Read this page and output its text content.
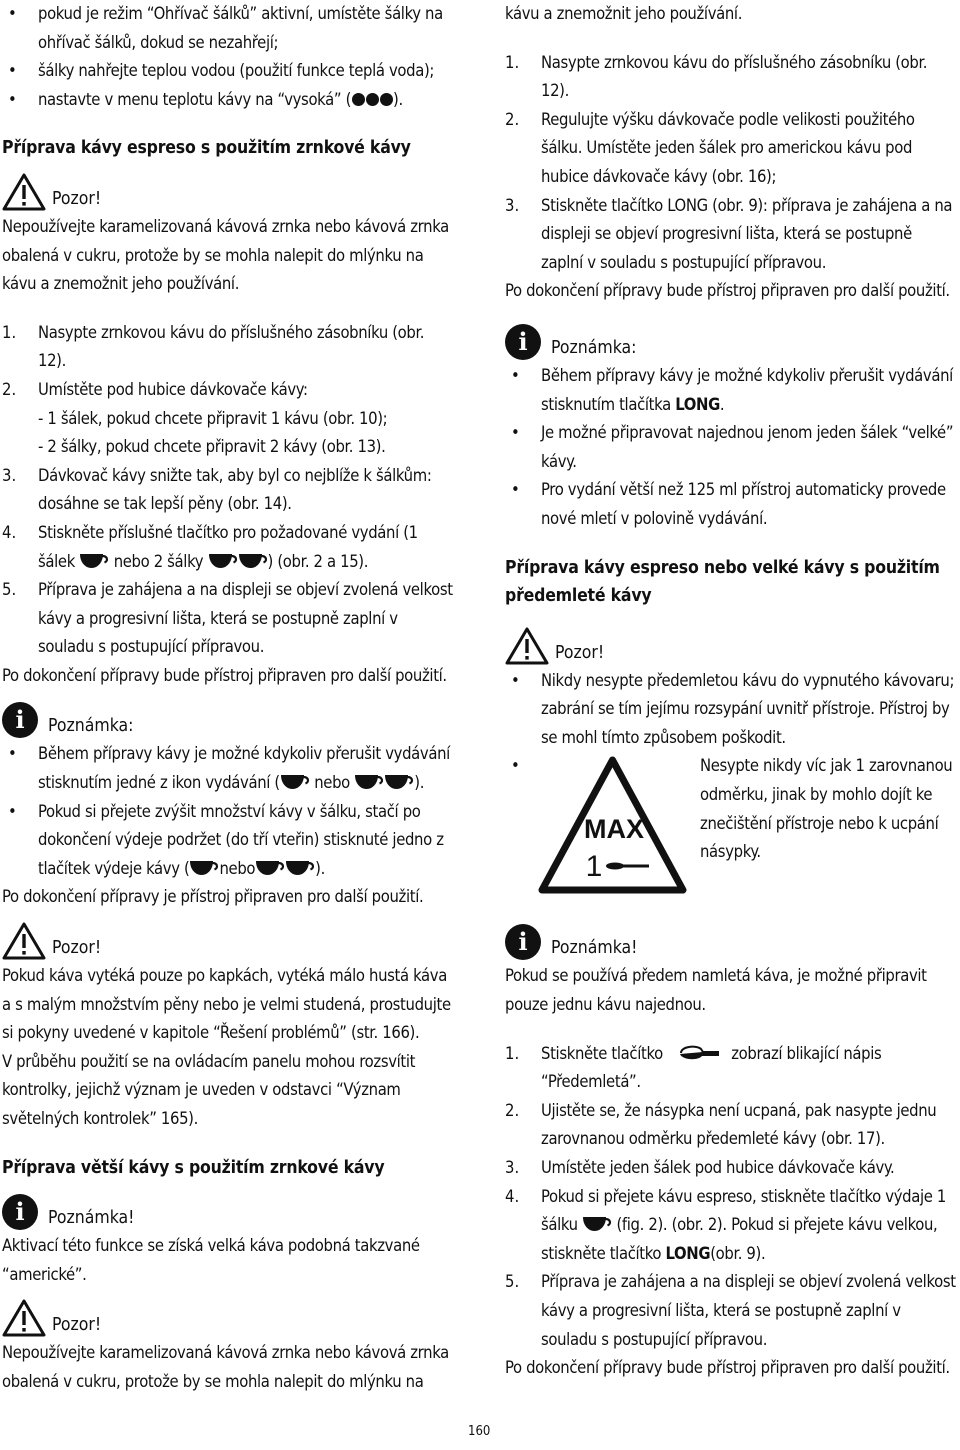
•	pokud je režim “Ohřívač šálků” aktivní, umístěte šálky na ohřívač šálků, dokud se nezahřejí;
•	šálky nahřejte teplou vodou (použití funkce teplá voda);
•	nastavte v menu teplotu kávy na “vysoká” (	).
Příprava kávy espreso s použitím zrnkové kávy
Pozor!

Nepoužívejte karamelizovaná kávová zrnka nebo kávová zrnka obalená v cukru, protože by se mohla nalepit do mlýnku na kávu a znemožnit jeho používání.

1.	Nasypte zrnkovou kávu do příslušného zásobníku (obr. 12).
2.	Umístěte pod hubice dávkovače kávy:
- 1 šálek, pokud chcete připravit 1 kávu (obr. 10);
- 2 šálky, pokud chcete připravit 2 kávy (obr. 13).
3.	Dávkovač kávy snižte tak, aby byl co nejblíže k šálkům: dosáhne se tak lepší pěny (obr. 14).
4.	Stiskněte příslušné tlačítko pro požadované vydání (1 šálek nebo 2 šálky	) (obr. 2 a 15).
5.	Příprava je zahájena a na displeji se objeví zvolená velkost kávy a progresivní lišta, která se postupně zaplní v souladu s postupující přípravou.

Po dokončení přípravy bude přístroj připraven pro další použití.

i	Poznámka:
•	Během přípravy kávy je možné kdykoliv přerušit vydávání stisknutím jedné z ikon vydávání ( nebo	).
•	Pokud si přejete zvýšit množství kávy v šálku, stačí po dokončení výdeje podržet (do tří vteřin) stisknuté jedno z tlačítek výdeje kávy ( nebo	).

Po dokončení přípravy je přístroj připraven pro další použití.

Pozor!

Pokud káva vytéká pouze po kapkách, vytéká málo hustá káva a s malým množstvím pěny nebo je velmi studená, prostudujte si pokyny uvedené v kapitole “Řešení problémů” (str. 166).

V průběhu použití se na ovládacím panelu mohou rozsvítit kontrolky, jejichž význam je uveden v odstavci “Význam světelných kontrolek” 165).

Příprava větší kávy s použitím zrnkové kávy
i	Poznámka!

Aktivací této funkce se získá velká káva podobná takzvané “americké”.

Pozor!

Nepoužívejte karamelizovaná kávová zrnka nebo kávová zrnka obalená v cukru, protože by se mohla nalepit do mlýnku na

kávu a znemožnit jeho používání.

1.	Nasypte zrnkovou kávu do příslušného zásobníku (obr. 12).
2.	Regulujte výšku dávkovače podle velikosti použitého šálku. Umístěte jeden šálek pro americkou kávu pod hubice dávkovače kávy (obr. 16);
3.	Stiskněte tlačítko LONG (obr. 9): příprava je zahájena a na displeji se objeví progresivní lišta, která se postupně zaplní v souladu s postupující přípravou.

Po dokončení přípravy bude přístroj připraven pro další použití.

i	Poznámka:
•	Během přípravy kávy je možné kdykoliv přerušit vydávání stisknutím tlačítka LONG.
•	Je možné připravovat najednou jenom jeden šálek “velké” kávy.
•	Pro vydání větší než 125 ml přístroj automaticky provede nové mletí v polovině vydávání.
Příprava kávy espreso nebo velké kávy s použitím předemleté kávy
Pozor!
•	Nikdy nesypte předemletou kávu do vypnutého kávovaru; zabrání se tím jejímu rozsypání uvnitř přístroje. Přístroj by se mohl tímto způsobem poškodit.
•
MAX
1
Nesypte nikdy víc jak 1 zarovnanou odměrku, jinak by mohlo dojít ke znečištění přístroje nebo k ucpání násypky.
i	Poznámka!

Pokud se používá předem namletá káva, je možné připravit pouze jednu kávu najednou.

1.	Stiskněte tlačítko	zobrazí blikající nápis “Předemletá”.
2.	Ujistěte se, že násypka není ucpaná, pak nasypte jednu zarovnanou odměrku předemleté kávy (obr. 17).
3.	Umístěte jeden šálek pod hubice dávkovače kávy.
4.	Pokud si přejete kávu espreso, stiskněte tlačítko výdaje 1 šálku (fig. 2). (obr. 2). Pokud si přejete kávu velkou, stiskněte tlačítko LONG(obr. 9).
5.	Příprava je zahájena a na displeji se objeví zvolená velkost kávy a progresivní lišta, která se postupně zaplní v souladu s postupující přípravou.

Po dokončení přípravy bude přístroj připraven pro další použití.

160
